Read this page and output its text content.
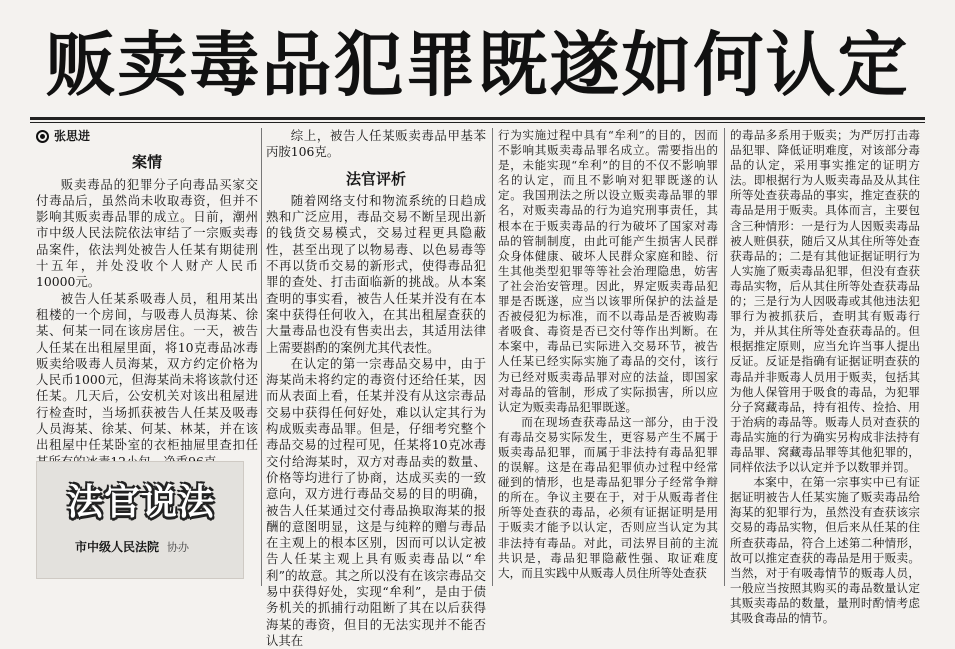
贩卖毒品犯罪既遂如何认定
张思进
案情

贩卖毒品的犯罪分子向毒品买家交付毒品后，虽然尚未收取毒资，但并不影响其贩卖毒品罪的成立。日前，潮州市中级人民法院依法审结了一宗贩卖毒品案件，依法判处被告人任某有期徒刑十五年，并处没收个人财产人民币10000元。

被告人任某系吸毒人员，租用某出租楼的一个房间，与吸毒人员海某、徐某、何某一同在该房居住。一天，被告人任某在出租屋里面，将10克毒品冰毒贩卖给吸毒人员海某，双方约定价格为人民币1000元，但海某尚未将该款付还任某。几天后，公安机关对该出租屋进行检查时，当场抓获被告人任某及吸毒人员海某、徐某、何某、林某，并在该出租屋中任某卧室的衣柜抽屉里查扣任

法官说法
市中级人民法院 协办

综上，被告人任某贩卖毒品甲基苯丙胺106克。

法官评析

随着网络支付和物流系统的日趋成熟和广泛应用，毒品交易不断呈现出新的钱货交易模式，交易过程更具隐蔽性，甚至出现了以物易毒、以色易毒等不再以货币交易的新形式，使得毒品犯罪的查处、打击面临新的挑战。从本案查明的事实看，被告人任某并没有在本案中获得任何收入，在其出租屋查获的大量毒品也没有售卖出去，其适用法律上需要斟酌的案例尤其代表性。

在认定的第一宗毒品交易中，由于海某尚未将约定的毒资付还给任某，因而从表面上看，任某并没有从这宗毒品交易中获得任何好处，难以认定其行为构成贩卖毒品罪。但是，仔细考究整个毒品交易的过程可见，任某将10克冰毒交付给海某时，双方对毒品卖的数量、价格等均进行了协商，达成买卖的一致意向，双方进行毒品交易的目的明确，被告人任某通过交付毒品换取海某的报酬的意图明显，这是与纯粹的赠与毒品在主观上的根本区别，因而可以认定被告人任某主观上具有贩卖毒品以“牟利”的故意。其之所以没有在该宗毒品交易中获得好处，实现“牟利”，是由于债务机关的抓捕行动阻断了其在以后获得海某的毒资，但目的无法实现并不能否认其在

行为实施过程中具有“牟利”的目的，因而不影响其贩卖毒品罪名成立。需要指出的是，未能实现“牟利”的目的不仅不影响罪名的认定，而且不影响对犯罪既遂的认定。我国刑法之所以设立贩卖毒品罪的罪名，对贩卖毒品的行为追究刑事责任，其根本在于贩卖毒品的行为破坏了国家对毒品的管制制度，由此可能产生损害人民群众身体健康、破坏人民群众家庭和睦、衍生其他类型犯罪等等社会治理隐患，妨害了社会治安管理。因此，界定贩卖毒品犯罪是否既遂，应当以该罪所保护的法益是否被侵犯为标准，而不以毒品是否被购毒者吸食、毒资是否已交付等作出判断。在本案中，毒品已实际进入交易环节，被告人任某已经实际实施了毒品的交付，该行为已经对贩卖毒品罪对应的法益，即国家对毒品的管制，形成了实际损害，所以应认定为贩卖毒品犯罪既遂。

而在现场查获毒品这一部分，由于没有毒品交易实际发生，更容易产生不属于贩卖毒品犯罪，而属于非法持有毒品犯罪的误解。这是在毒品犯罪侦办过程中经常碰到的情形，也是毒品犯罪分子经常争辩的所在。争议主要在于，对于从贩毒者住所等处查获的毒品，必须有证据证明是用于贩卖才能予以认定，否则应当认定为其非法持有毒品。对此，司法界目前的主流共识是，毒品犯罪隐蔽性强、取证难度大，而且实践中从贩毒人员住所等处查获

的毒品多系用于贩卖；为严厉打击毒品犯罪、降低证明难度，对该部分毒品的认定，采用事实推定的证明方法。即根据行为人贩卖毒品及从其住所等处查获毒品的事实，推定查获的毒品是用于贩卖。具体而言，主要包含三种情形：一是行为人因贩卖毒品被人赃俱获，随后又从其住所等处查获毒品的；二是有其他证据证明行为人实施了贩卖毒品犯罪，但没有查获毒品实物，后从其住所等处查获毒品的；三是行为人因吸毒或其他违法犯罪行为被抓获后，查明其有贩毒行为，并从其住所等处查获毒品的。但根据推定原则，应当允许当事人提出反证。反证是指确有证据证明查获的毒品并非贩毒人员用于贩卖，包括其为他人保管用于吸食的毒品，为犯罪分子窝藏毒品，持有祖传、捡拾、用于治病的毒品等。贩毒人员对查获的毒品实施的行为确实另构成非法持有毒品罪、窝藏毒品罪等其他犯罪的，同样依法予以认定并予以数罪并罚。

本案中，在第一宗事实中已有证据证明被告人任某实施了贩卖毒品给海某的犯罪行为，虽然没有查获该宗交易的毒品实物，但后来从任某的住所查获毒品，符合上述第二种情形，故可以推定查获的毒品是用于贩卖。当然，对于有吸毒情节的贩毒人员，一般应当按照其购买的毒品数量认定其贩卖毒品的数量，量刑时酌情考虑其吸食毒品的情节。
